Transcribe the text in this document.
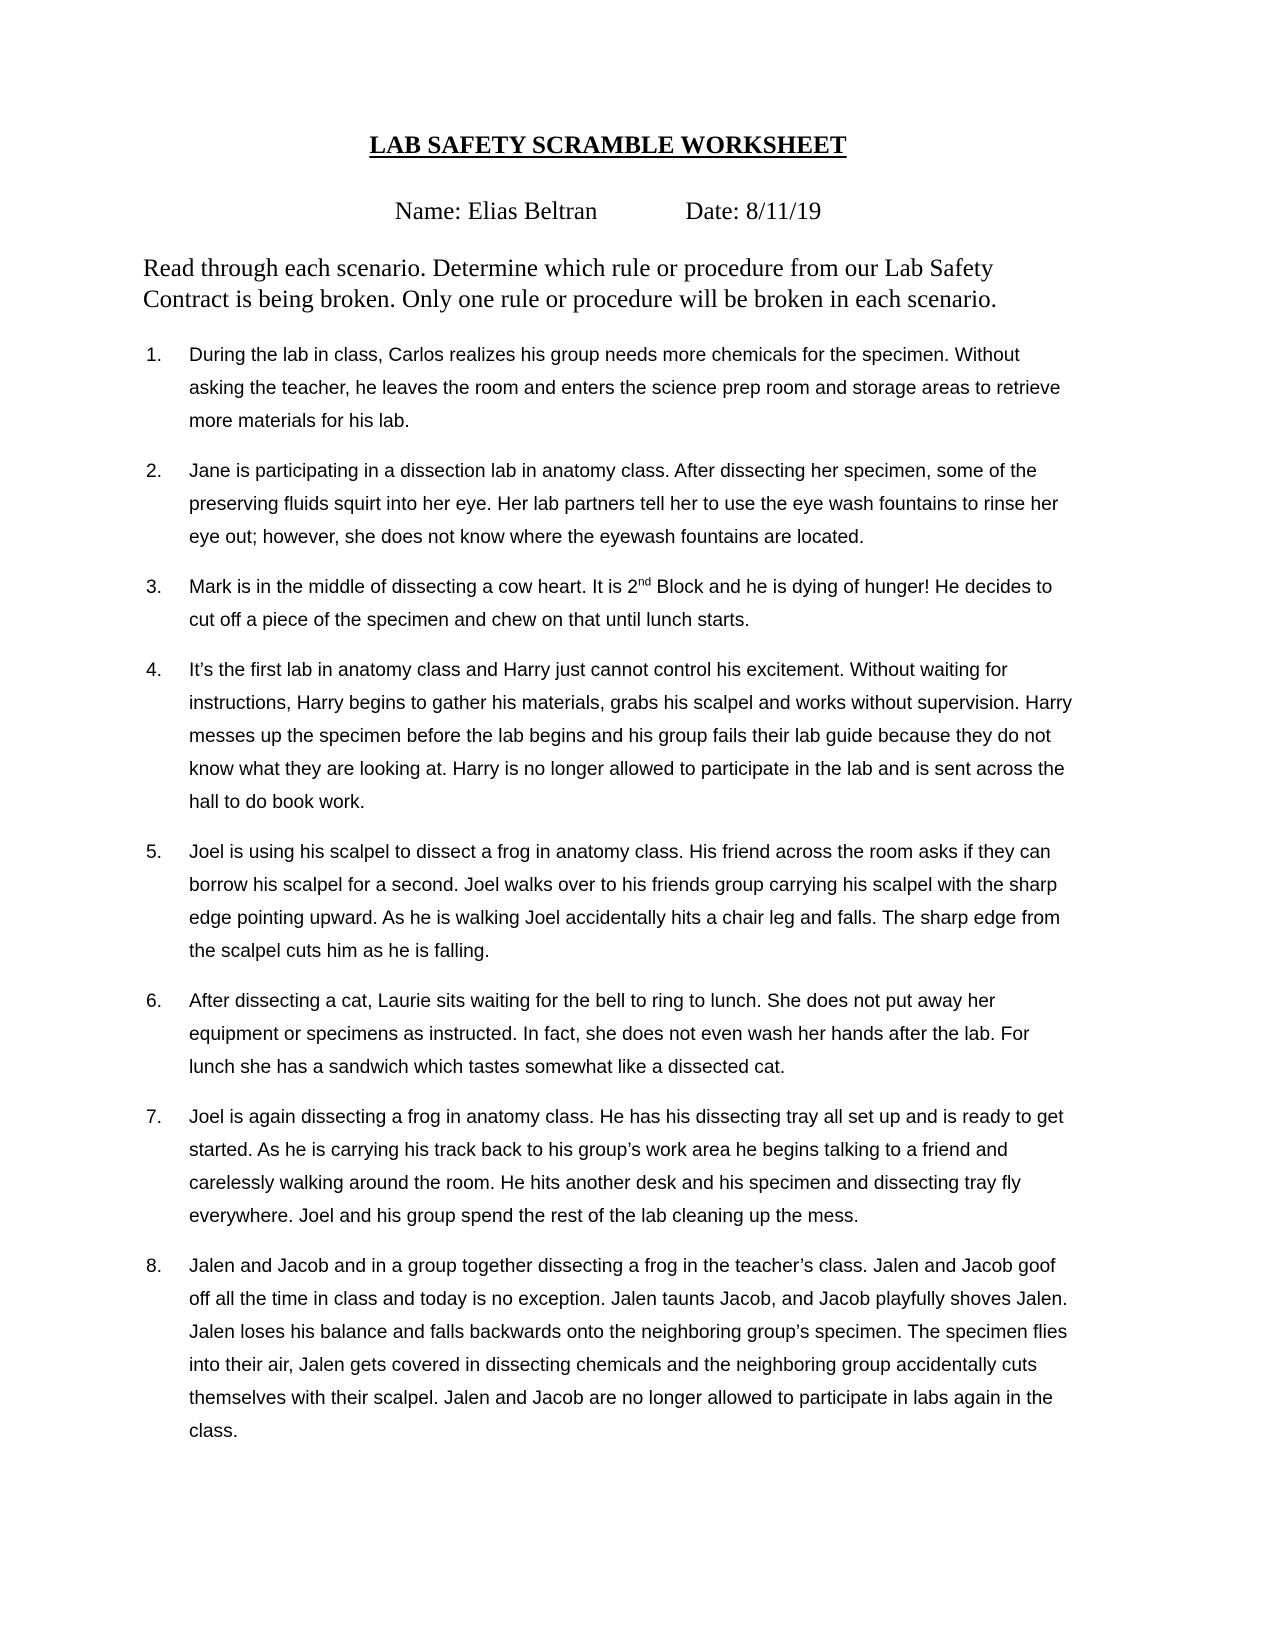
LAB SAFETY SCRAMBLE WORKSHEET

Name: Elias Beltran	Date: 8/11/19

Read through each scenario. Determine which rule or procedure from our Lab Safety Contract is being broken. Only one rule or procedure will be broken in each scenario.

1.	During the lab in class, Carlos realizes his group needs more chemicals for the specimen. Without asking the teacher, he leaves the room and enters the science prep room and storage areas to retrieve more materials for his lab.
2.	Jane is participating in a dissection lab in anatomy class. After dissecting her specimen, some of the preserving fluids squirt into her eye. Her lab partners tell her to use the eye wash fountains to rinse her eye out; however, she does not know where the eyewash fountains are located.
3.	Mark is in the middle of dissecting a cow heart. It is 2nd Block and he is dying of hunger! He decides to cut off a piece of the specimen and chew on that until lunch starts.
4.	It’s the first lab in anatomy class and Harry just cannot control his excitement. Without waiting for instructions, Harry begins to gather his materials, grabs his scalpel and works without supervision. Harry messes up the specimen before the lab begins and his group fails their lab guide because they do not know what they are looking at. Harry is no longer allowed to participate in the lab and is sent across the hall to do book work.
5.	Joel is using his scalpel to dissect a frog in anatomy class. His friend across the room asks if they can borrow his scalpel for a second. Joel walks over to his friends group carrying his scalpel with the sharp edge pointing upward. As he is walking Joel accidentally hits a chair leg and falls. The sharp edge from the scalpel cuts him as he is falling.
6.	After dissecting a cat, Laurie sits waiting for the bell to ring to lunch. She does not put away her equipment or specimens as instructed. In fact, she does not even wash her hands after the lab. For lunch she has a sandwich which tastes somewhat like a dissected cat.
7.	Joel is again dissecting a frog in anatomy class. He has his dissecting tray all set up and is ready to get started. As he is carrying his track back to his group’s work area he begins talking to a friend and carelessly walking around the room. He hits another desk and his specimen and dissecting tray fly everywhere. Joel and his group spend the rest of the lab cleaning up the mess.
8.	Jalen and Jacob and in a group together dissecting a frog in the teacher’s class. Jalen and Jacob goof off all the time in class and today is no exception. Jalen taunts Jacob, and Jacob playfully shoves Jalen. Jalen loses his balance and falls backwards onto the neighboring group’s specimen. The specimen flies into their air, Jalen gets covered in dissecting chemicals and the neighboring group accidentally cuts themselves with their scalpel. Jalen and Jacob are no longer allowed to participate in labs again in the class.
